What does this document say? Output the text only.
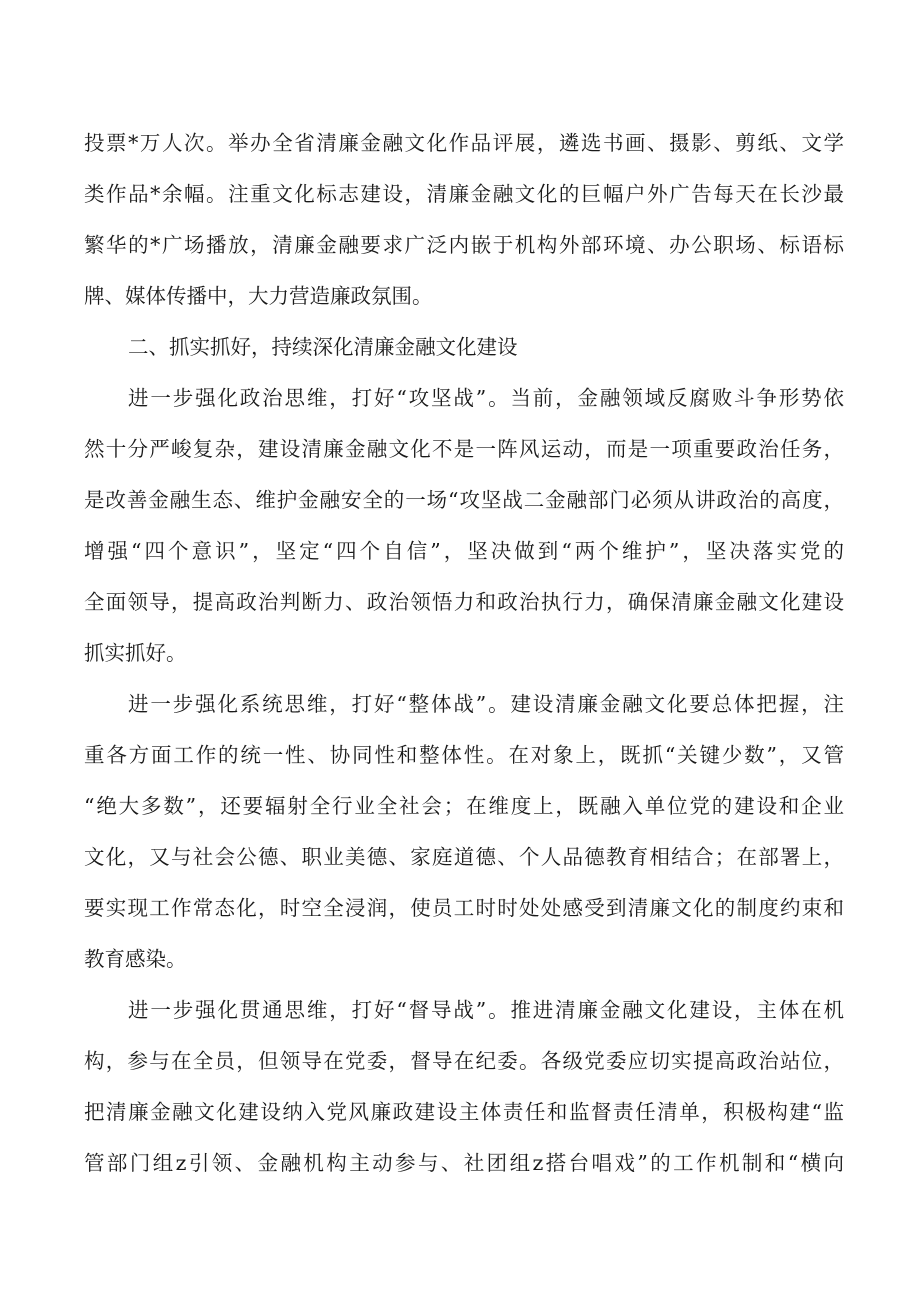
投票*万人次。举办全省清廉金融文化作品评展，遴选书画、摄影、剪纸、文学

类作品*余幅。注重文化标志建设，清廉金融文化的巨幅户外广告每天在长沙最

繁华的*广场播放，清廉金融要求广泛内嵌于机构外部环境、办公职场、标语标

牌、媒体传播中，大力营造廉政氛围。

二、抓实抓好，持续深化清廉金融文化建设

进一步强化政治思维，打好“攻坚战”。当前，金融领域反腐败斗争形势依

然十分严峻复杂，建设清廉金融文化不是一阵风运动，而是一项重要政治任务，

是改善金融生态、维护金融安全的一场“攻坚战二金融部门必须从讲政治的高度，

增强“四个意识”，坚定“四个自信”，坚决做到“两个维护”，坚决落实党的

全面领导，提高政治判断力、政治领悟力和政治执行力，确保清廉金融文化建设

抓实抓好。

进一步强化系统思维，打好“整体战”。建设清廉金融文化要总体把握，注

重各方面工作的统一性、协同性和整体性。在对象上，既抓“关键少数”，又管

“绝大多数”，还要辐射全行业全社会；在维度上，既融入单位党的建设和企业

文化，又与社会公德、职业美德、家庭道德、个人品德教育相结合；在部署上，

要实现工作常态化，时空全浸润，使员工时时处处感受到清廉文化的制度约束和

教育感染。

进一步强化贯通思维，打好“督导战”。推进清廉金融文化建设，主体在机

构，参与在全员，但领导在党委，督导在纪委。各级党委应切实提高政治站位，

把清廉金融文化建设纳入党风廉政建设主体责任和监督责任清单，积极构建“监

管部门组z引领、金融机构主动参与、社团组z搭台唱戏”的工作机制和“横向
